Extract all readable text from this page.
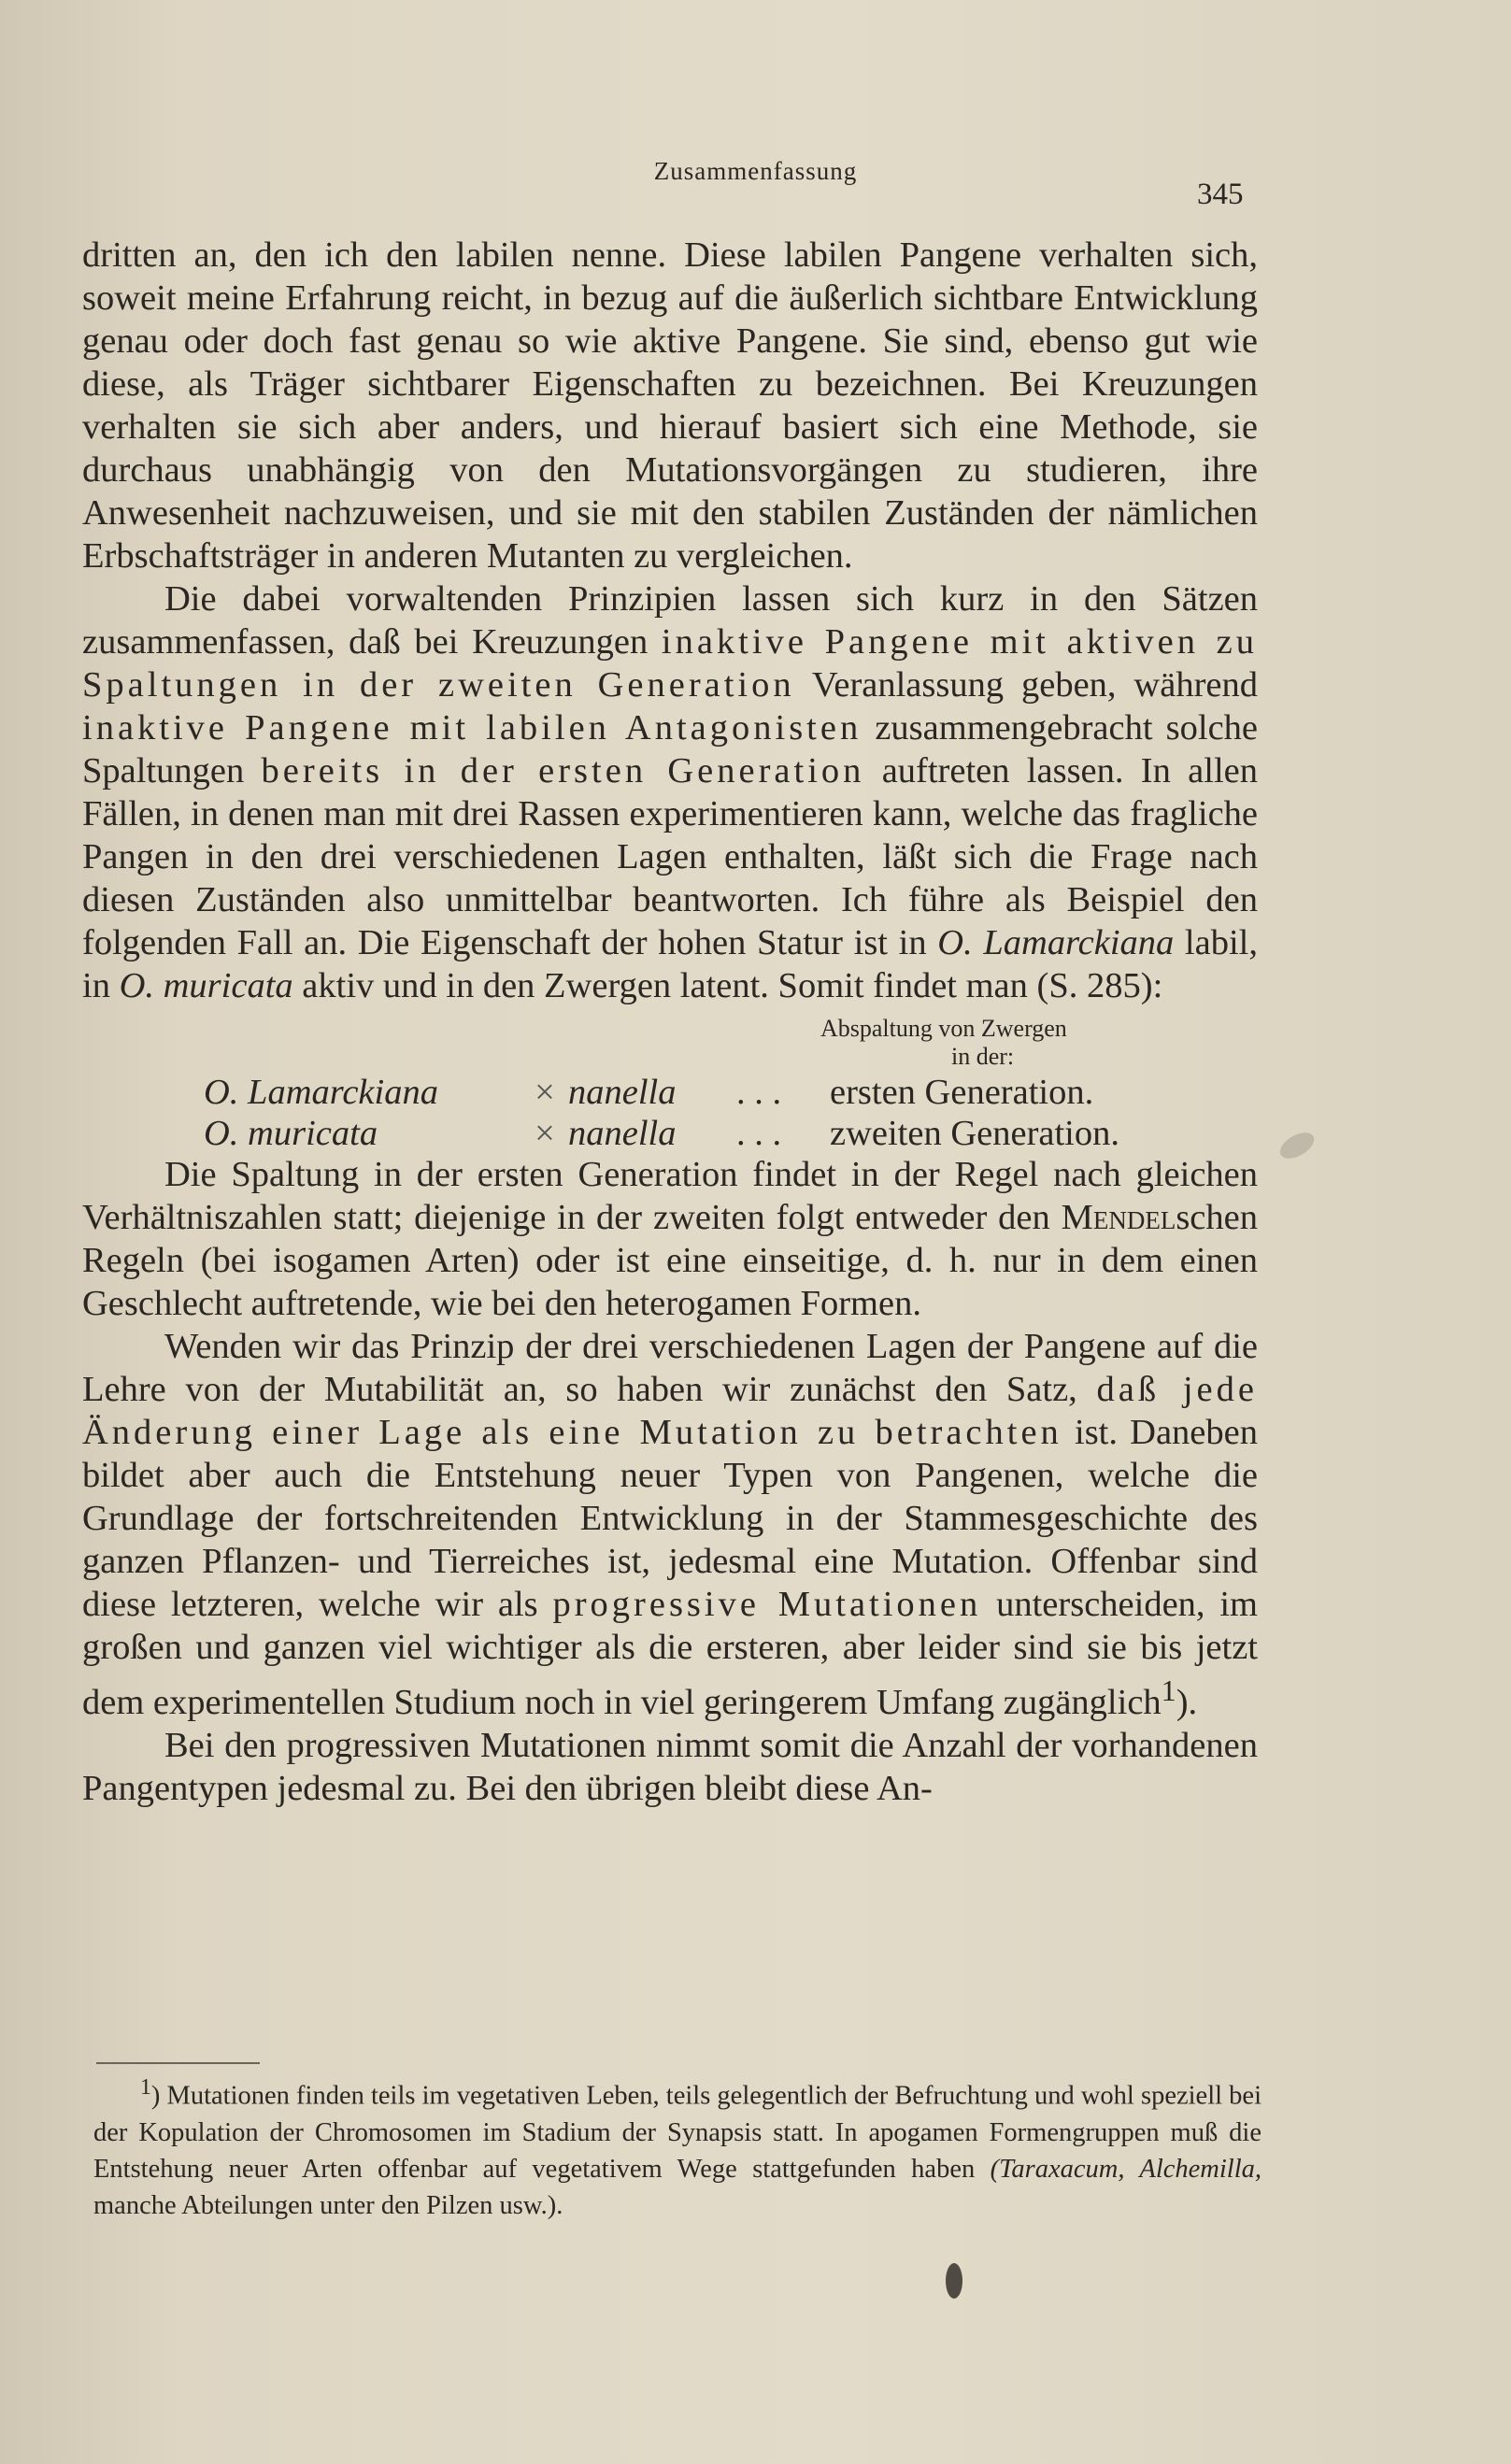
Zusammenfassung
345

dritten an, den ich den labilen nenne. Diese labilen Pangene verhalten sich, soweit meine Erfahrung reicht, in bezug auf die äußerlich sichtbare Entwicklung genau oder doch fast genau so wie aktive Pangene. Sie sind, ebenso gut wie diese, als Träger sichtbarer Eigenschaften zu bezeichnen. Bei Kreuzungen verhalten sie sich aber anders, und hierauf basiert sich eine Methode, sie durchaus unabhängig von den Mutationsvorgängen zu studieren, ihre Anwesenheit nachzuweisen, und sie mit den stabilen Zuständen der nämlichen Erbschaftsträger in anderen Mutanten zu vergleichen.

Die dabei vorwaltenden Prinzipien lassen sich kurz in den Sätzen zusammenfassen, daß bei Kreuzungen inaktive Pangene mit aktiven zu Spaltungen in der zweiten Generation Veranlassung geben, während inaktive Pangene mit labilen Antagonisten zusammengebracht solche Spaltungen bereits in der ersten Generation auftreten lassen. In allen Fällen, in denen man mit drei Rassen experimentieren kann, welche das fragliche Pangen in den drei verschiedenen Lagen enthalten, läßt sich die Frage nach diesen Zuständen also unmittelbar beantworten. Ich führe als Beispiel den folgenden Fall an. Die Eigenschaft der hohen Statur ist in O. Lamarckiana labil, in O. muricata aktiv und in den Zwergen latent. Somit findet man (S. 285):

Abspaltung von Zwergen
in der:
O. Lamarckiana	× nanella	. . .	ersten Generation.
O. muricata	× nanella	. . .	zweiten Generation.

Die Spaltung in der ersten Generation findet in der Regel nach gleichen Verhältniszahlen statt; diejenige in der zweiten folgt entweder den Mendelschen Regeln (bei isogamen Arten) oder ist eine einseitige, d. h. nur in dem einen Geschlecht auftretende, wie bei den heterogamen Formen.

Wenden wir das Prinzip der drei verschiedenen Lagen der Pangene auf die Lehre von der Mutabilität an, so haben wir zunächst den Satz, daß jede Änderung einer Lage als eine Mutation zu betrachten ist. Daneben bildet aber auch die Entstehung neuer Typen von Pangenen, welche die Grundlage der fortschreitenden Entwicklung in der Stammesgeschichte des ganzen Pflanzen- und Tierreiches ist, jedesmal eine Mutation. Offenbar sind diese letzteren, welche wir als progressive Mutationen unterscheiden, im großen und ganzen viel wichtiger als die ersteren, aber leider sind sie bis jetzt dem experimentellen Studium noch in viel geringerem Umfang zugänglich$^1$).

Bei den progressiven Mutationen nimmt somit die Anzahl der vorhandenen Pangentypen jedesmal zu. Bei den übrigen bleibt diese An-

$^1$) Mutationen finden teils im vegetativen Leben, teils gelegentlich der Befruchtung und wohl speziell bei der Kopulation der Chromosomen im Stadium der Synapsis statt. In apogamen Formengruppen muß die Entstehung neuer Arten offenbar auf vegetativem Wege stattgefunden haben (Taraxacum, Alchemilla, manche Abteilungen unter den Pilzen usw.).
